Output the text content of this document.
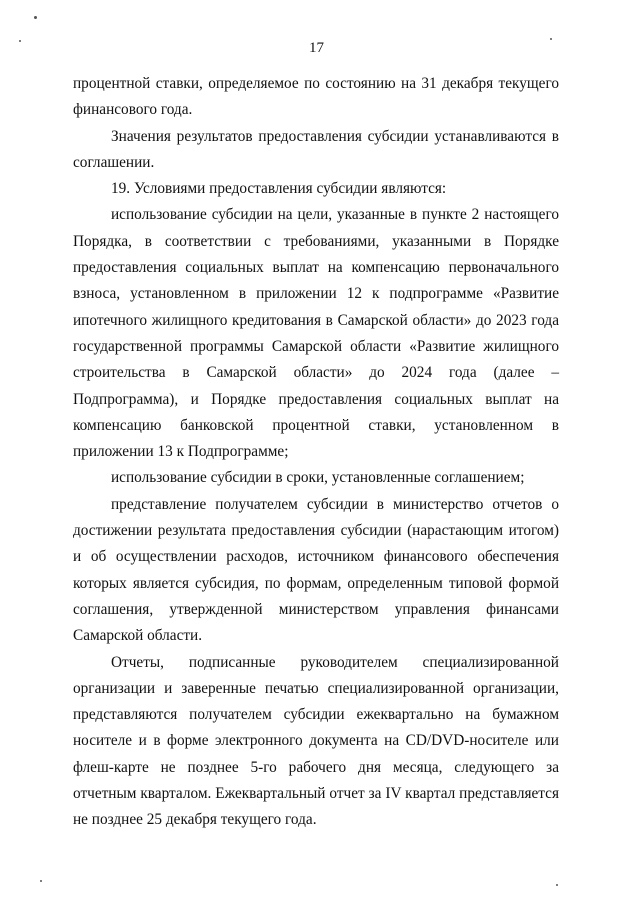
17

процентной ставки, определяемое по состоянию на 31 декабря текущего финансового года.

Значения результатов предоставления субсидии устанавливаются в соглашении.

19. Условиями предоставления субсидии являются:

использование субсидии на цели, указанные в пункте 2 настоящего Порядка, в соответствии с требованиями, указанными в Порядке предоставления социальных выплат на компенсацию первоначального взноса, установленном в приложении 12 к подпрограмме «Развитие ипотечного жилищного кредитования в Самарской области» до 2023 года государственной программы Самарской области «Развитие жилищного строительства в Самарской области» до 2024 года (далее – Подпрограмма), и Порядке предоставления социальных выплат на компенсацию банковской процентной ставки, установленном в приложении 13 к Подпрограмме;

использование субсидии в сроки, установленные соглашением;

представление получателем субсидии в министерство отчетов о достижении результата предоставления субсидии (нарастающим итогом) и об осуществлении расходов, источником финансового обеспечения которых является субсидия, по формам, определенным типовой формой соглашения, утвержденной министерством управления финансами Самарской области.

Отчеты, подписанные руководителем специализированной организации и заверенные печатью специализированной организации, представляются получателем субсидии ежеквартально на бумажном носителе и в форме электронного документа на CD/DVD-носителе или флеш-карте не позднее 5-го рабочего дня месяца, следующего за отчетным кварталом. Ежеквартальный отчет за IV квартал представляется не позднее 25 декабря текущего года.
